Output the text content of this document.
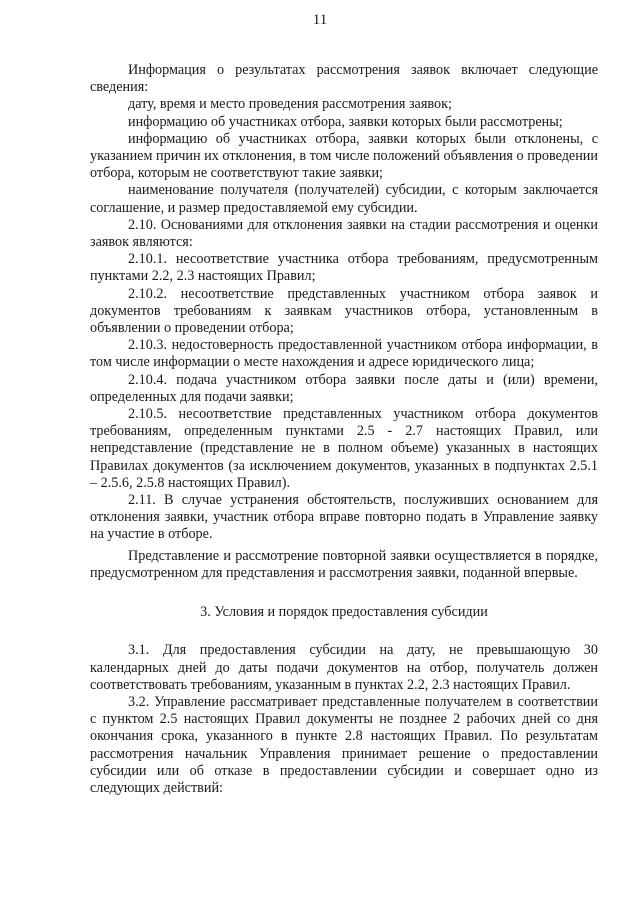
11

Информация о результатах рассмотрения заявок включает следующие сведения:

дату, время и место проведения рассмотрения заявок;

информацию об участниках отбора, заявки которых были рассмотрены;

информацию об участниках отбора, заявки которых были отклонены, с указанием причин их отклонения, в том числе положений объявления о проведении отбора, которым не соответствуют такие заявки;

наименование получателя (получателей) субсидии, с которым заключается соглашение, и размер предоставляемой ему субсидии.

2.10. Основаниями для отклонения заявки на стадии рассмотрения и оценки заявок являются:

2.10.1. несоответствие участника отбора требованиям, предусмотренным пунктами 2.2, 2.3 настоящих Правил;

2.10.2. несоответствие представленных участником отбора заявок и документов требованиям к заявкам участников отбора, установленным в объявлении о проведении отбора;

2.10.3. недостоверность предоставленной участником отбора информации, в том числе информации о месте нахождения и адресе юридического лица;

2.10.4. подача участником отбора заявки после даты и (или) времени, определенных для подачи заявки;

2.10.5. несоответствие представленных участником отбора документов требованиям, определенным пунктами 2.5 - 2.7 настоящих Правил, или непредставление (представление не в полном объеме) указанных в настоящих Правилах документов (за исключением документов, указанных в подпунктах 2.5.1 – 2.5.6, 2.5.8 настоящих Правил).

2.11. В случае устранения обстоятельств, послуживших основанием для отклонения заявки, участник отбора вправе повторно подать в Управление заявку на участие в отборе.

Представление и рассмотрение повторной заявки осуществляется в порядке, предусмотренном для представления и рассмотрения заявки, поданной впервые.

3. Условия и порядок предоставления субсидии

3.1. Для предоставления субсидии на дату, не превышающую 30 календарных дней до даты подачи документов на отбор, получатель должен соответствовать требованиям, указанным в пунктах 2.2, 2.3 настоящих Правил.

3.2. Управление рассматривает представленные получателем в соответствии с пунктом 2.5 настоящих Правил документы не позднее 2 рабочих дней со дня окончания срока, указанного в пункте 2.8 настоящих Правил. По результатам рассмотрения начальник Управления принимает решение о предоставлении субсидии или об отказе в предоставлении субсидии и совершает одно из следующих действий:
